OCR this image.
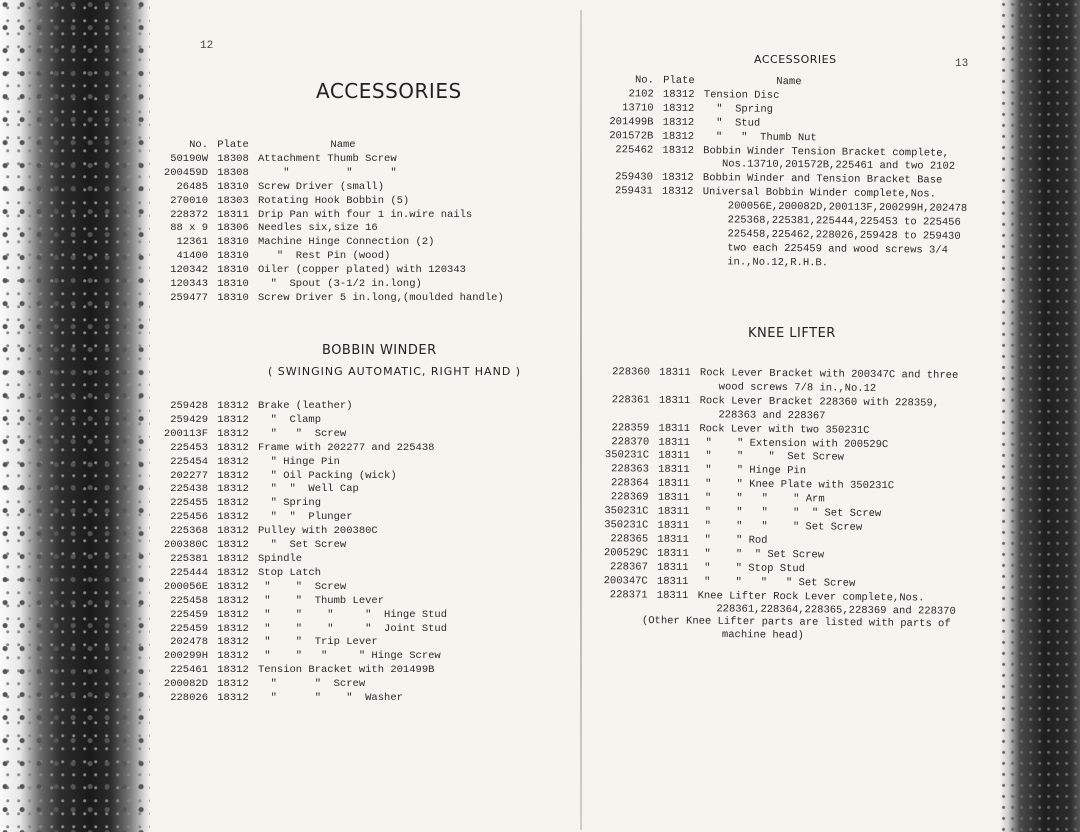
12
ACCESSORIES
No. Plate	Name
50190W 18308 Attachment Thumb Screw
200459D 18308 "         "      "
26485 18310 Screw Driver (small)
270010 18303 Rotating Hook Bobbin (5)
228372 18311 Drip Pan with four 1 in.wire nails
88 x 9 18306 Needles six,size 16
12361 18310 Machine Hinge Connection (2)
41400 18310 "  Rest Pin (wood)
120342 18310 Oiler (copper plated) with 120343
120343 18310 "  Spout (3-1/2 in.long)
259477 18310 Screw Driver 5 in.long,(moulded handle)
BOBBIN WINDER
( SWINGING AUTOMATIC, RIGHT HAND )
259428 18312 Brake (leather)
259429 18312 "  Clamp
200113F 18312 "   "  Screw
225453 18312 Frame with 202277 and 225438
225454 18312 " Hinge Pin
202277 18312 " Oil Packing (wick)
225438 18312 "  "  Well Cap
225455 18312 " Spring
225456 18312 "  "  Plunger
225368 18312 Pulley with 200380C
200380C 18312 "  Set Screw
225381 18312 Spindle
225444 18312 Stop Latch
200056E 18312 "    "  Screw
225458 18312 "    "  Thumb Lever
225459 18312 "    "    "     "  Hinge Stud
225459 18312 "    "    "     "  Joint Stud
202478 18312 "    "  Trip Lever
200299H 18312 "    "   "     " Hinge Screw
225461 18312 Tension Bracket with 201499B
200082D 18312 "      "  Screw
228026 18312 "      "    "  Washer
ACCESSORIES	13
No. Plate	Name
2102 18312 Tension Disc
13710 18312 "  Spring
201499B 18312 "  Stud
201572B 18312 "   "  Thumb Nut
225462 18312 Bobbin Winder Tension Bracket complete,
Nos.13710,201572B,225461 and two 2102
259430 18312 Bobbin Winder and Tension Bracket Base
259431 18312 Universal Bobbin Winder complete,Nos.
200056E,200082D,200113F,200299H,202478
225368,225381,225444,225453 to 225456
225458,225462,228026,259428 to 259430
two each 225459 and wood screws 3/4
in.,No.12,R.H.B.
KNEE LIFTER
228360 18311 Rock Lever Bracket with 200347C and three
wood screws 7/8 in.,No.12
228361 18311 Rock Lever Bracket 228360 with 228359,
228363 and 228367
228359 18311 Rock Lever with two 350231C
228370 18311 "    " Extension with 200529C
350231C 18311 "    "    "  Set Screw
228363 18311 "    " Hinge Pin
228364 18311 "    " Knee Plate with 350231C
228369 18311 "    "   "    " Arm
350231C 18311 "    "   "    "  " Set Screw
350231C 18311 "    "   "    " Set Screw
228365 18311 "    " Rod
200529C 18311 "    "  " Set Screw
228367 18311 "    " Stop Stud
200347C 18311 "    "   "   " Set Screw
228371 18311 Knee Lifter Rock Lever complete,Nos.
228361,228364,228365,228369 and 228370
(Other Knee Lifter parts are listed with parts of
machine head)
